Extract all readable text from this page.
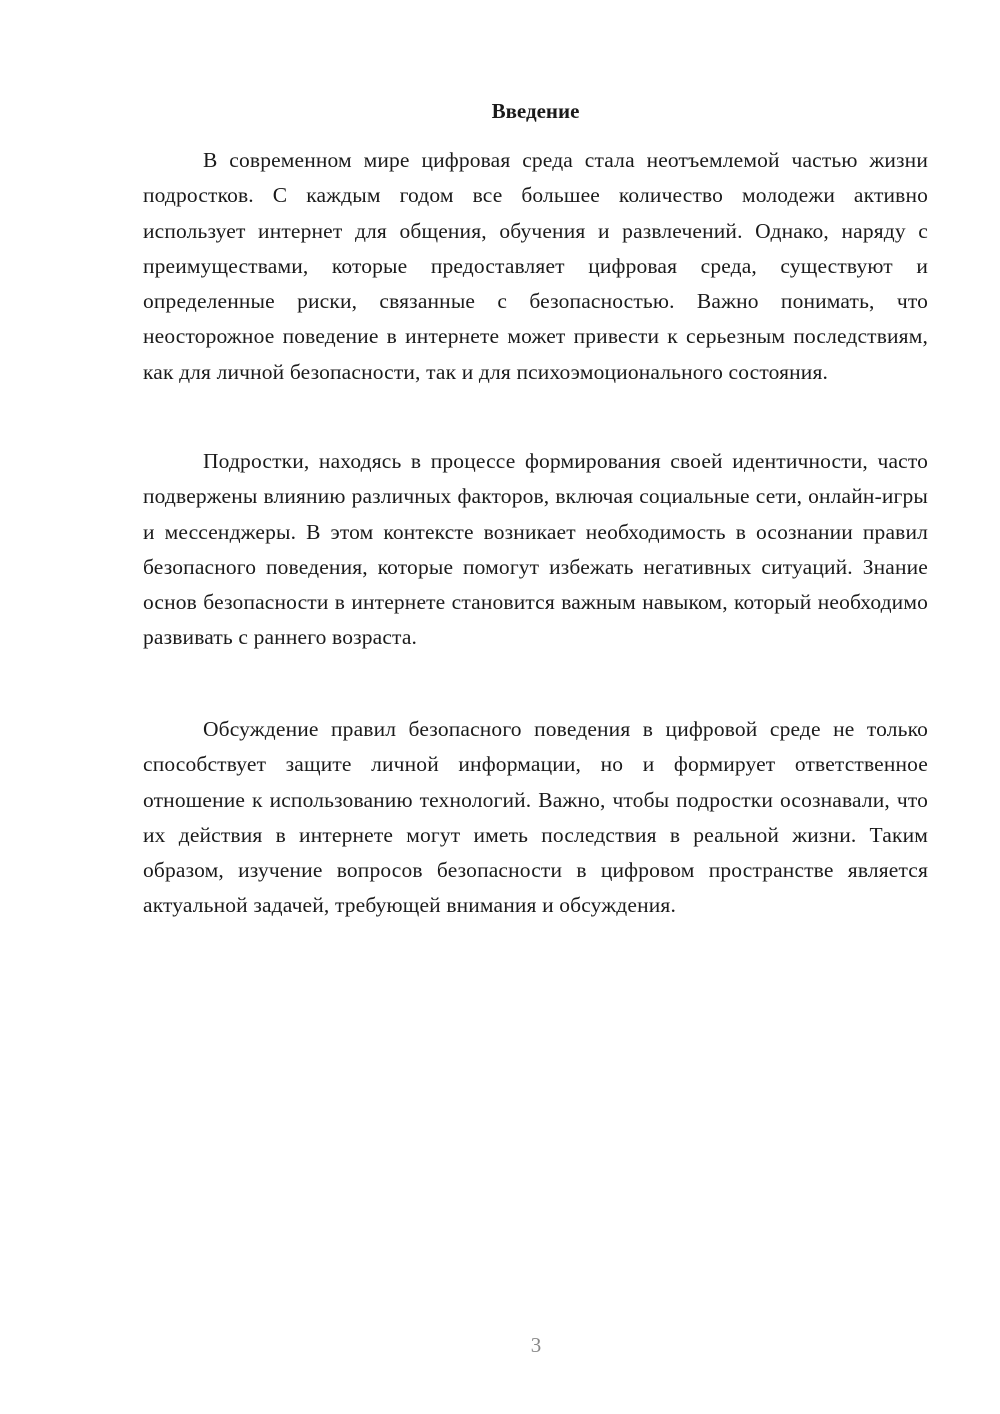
Введение

В современном мире цифровая среда стала неотъемлемой частью жизни подростков. С каждым годом все большее количество молодежи активно использует интернет для общения, обучения и развлечений. Однако, наряду с преимуществами, которые предоставляет цифровая среда, существуют и определенные риски, связанные с безопасностью. Важно понимать, что неосторожное поведение в интернете может привести к серьезным последствиям, как для личной безопасности, так и для психоэмоционального состояния.

Подростки, находясь в процессе формирования своей идентичности, часто подвержены влиянию различных факторов, включая социальные сети, онлайн-игры и мессенджеры. В этом контексте возникает необходимость в осознании правил безопасного поведения, которые помогут избежать негативных ситуаций. Знание основ безопасности в интернете становится важным навыком, который необходимо развивать с раннего возраста.

Обсуждение правил безопасного поведения в цифровой среде не только способствует защите личной информации, но и формирует ответственное отношение к использованию технологий. Важно, чтобы подростки осознавали, что их действия в интернете могут иметь последствия в реальной жизни. Таким образом, изучение вопросов безопасности в цифровом пространстве является актуальной задачей, требующей внимания и обсуждения.

3
